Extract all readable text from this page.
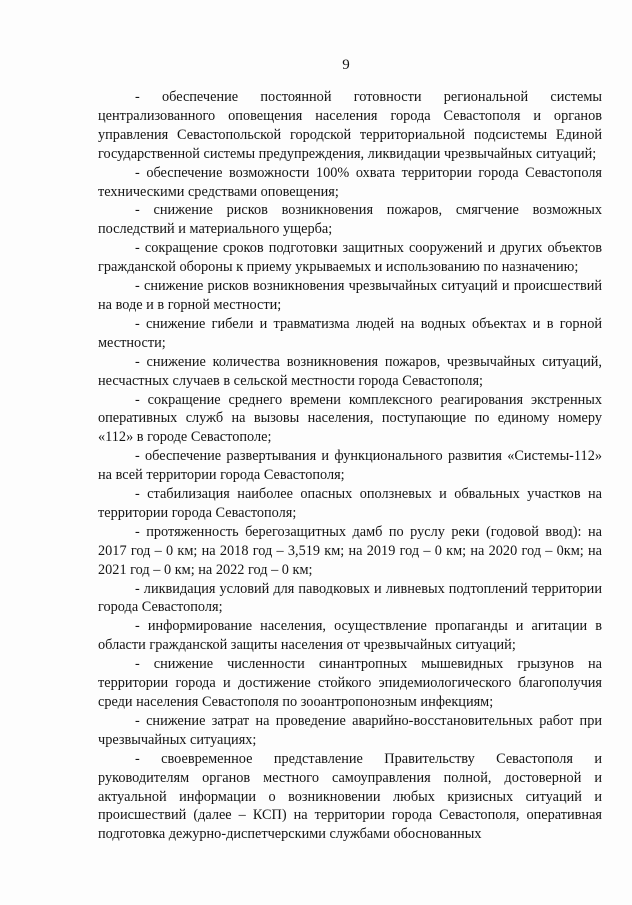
9

- обеспечение постоянной готовности региональной системы централизованного оповещения населения города Севастополя и органов управления Севастопольской городской территориальной подсистемы Единой государственной системы предупреждения, ликвидации чрезвычайных ситуаций;

- обеспечение возможности 100% охвата территории города Севастополя техническими средствами оповещения;

- снижение рисков возникновения пожаров, смягчение возможных последствий и материального ущерба;

- сокращение сроков подготовки защитных сооружений и других объектов гражданской обороны к приему укрываемых и использованию по назначению;

- снижение рисков возникновения чрезвычайных ситуаций и происшествий на воде и в горной местности;

- снижение гибели и травматизма людей на водных объектах и в горной местности;

- снижение количества возникновения пожаров, чрезвычайных ситуаций, несчастных случаев в сельской местности города Севастополя;

- сокращение среднего времени комплексного реагирования экстренных оперативных служб на вызовы населения, поступающие по единому номеру «112» в городе Севастополе;

- обеспечение развертывания и функционального развития «Системы-112» на всей территории города Севастополя;

- стабилизация наиболее опасных оползневых и обвальных участков на территории города Севастополя;

- протяженность берегозащитных дамб по руслу реки (годовой ввод): на 2017 год – 0 км; на 2018 год – 3,519 км; на 2019 год – 0 км; на 2020 год – 0км; на 2021 год – 0 км; на 2022 год – 0 км;

- ликвидация условий для паводковых и ливневых подтоплений территории города Севастополя;

- информирование населения, осуществление пропаганды и агитации в области гражданской защиты населения от чрезвычайных ситуаций;

- снижение численности синантропных мышевидных грызунов на территории города и достижение стойкого эпидемиологического благополучия среди населения Севастополя по зооантропонозным инфекциям;

- снижение затрат на проведение аварийно-восстановительных работ при чрезвычайных ситуациях;

- своевременное представление Правительству Севастополя и руководителям органов местного самоуправления полной, достоверной и актуальной информации о возникновении любых кризисных ситуаций и происшествий (далее – КСП) на территории города Севастополя, оперативная подготовка дежурно-диспетчерскими службами обоснованных
